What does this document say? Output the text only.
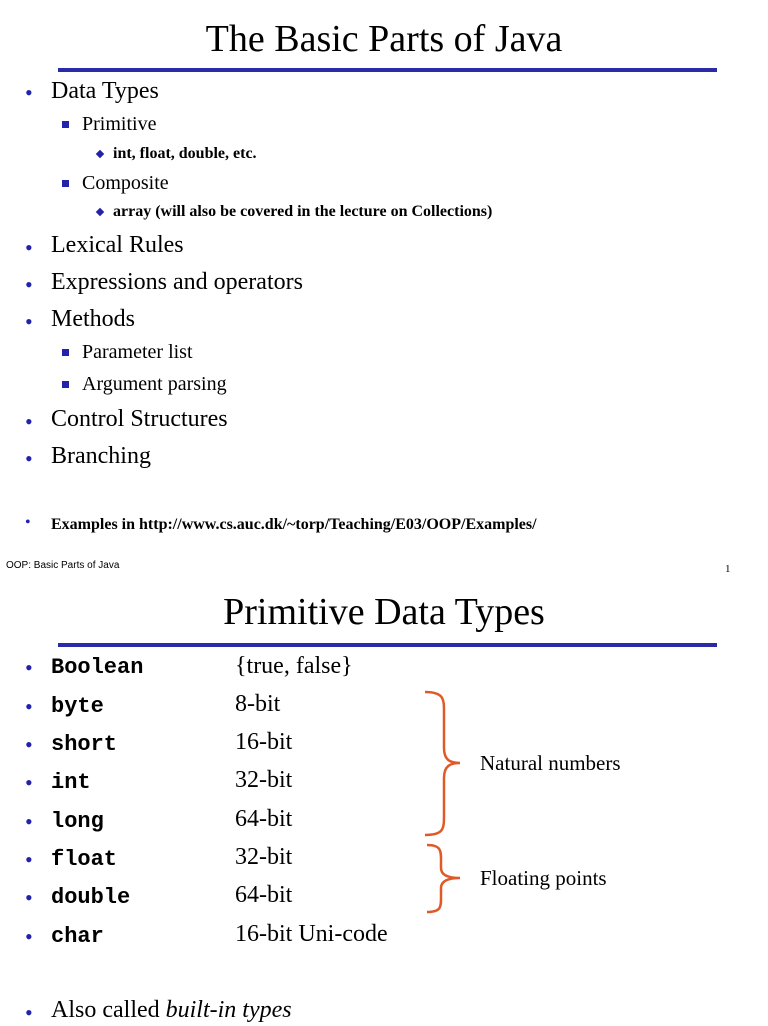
The Basic Parts of Java
• Data Types
Primitive
int, float, double, etc.
Composite
array (will also be covered in the lecture on Collections)
• Lexical Rules
• Expressions and operators
• Methods
Parameter list
Argument parsing
• Control Structures
• Branching
• Examples in http://www.cs.auc.dk/~torp/Teaching/E03/OOP/Examples/
OOP: Basic Parts of Java	1
Primitive Data Types
• Boolean	{true, false}
• byte	8-bit
• short	16-bit
• int	32-bit
• long	64-bit
• float	32-bit
• double	64-bit
• char	16-bit Uni-code
Natural numbers
Floating points
• Also called built-in types
